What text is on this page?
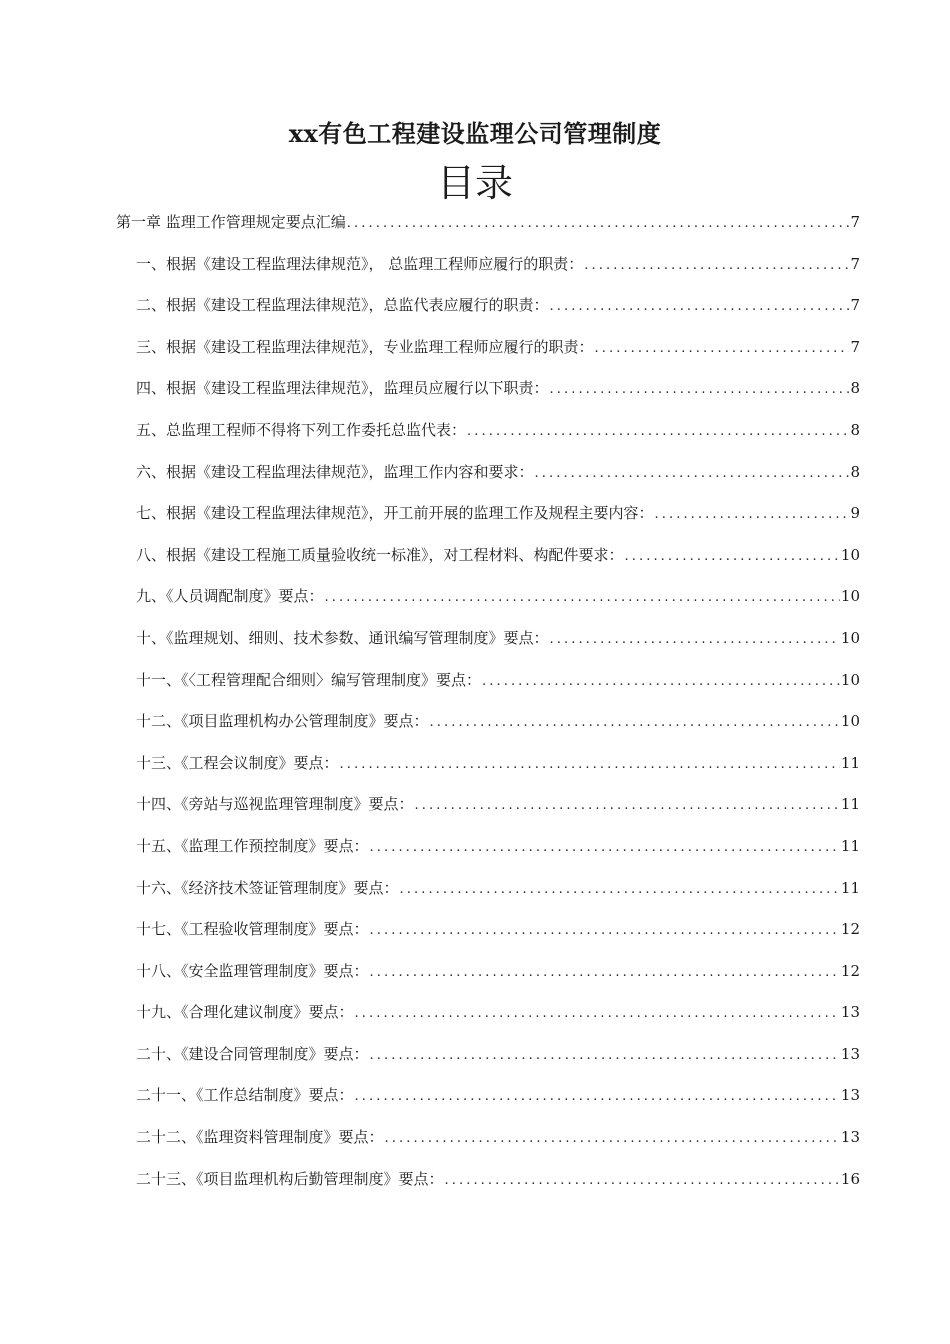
xx有色工程建设监理公司管理制度
目录
第一章 监理工作管理规定要点汇编 .....	7
一、根据《建设工程监理法律规范》， 总监理工程师应履行的职责： .....	7
二、根据《建设工程监理法律规范》，总监代表应履行的职责： .....	7
三、根据《建设工程监理法律规范》，专业监理工程师应履行的职责： .....	7
四、根据《建设工程监理法律规范》，监理员应履行以下职责： .....	8
五、总监理工程师不得将下列工作委托总监代表： .....	8
六、根据《建设工程监理法律规范》，监理工作内容和要求： .....	8
七、根据《建设工程监理法律规范》，开工前开展的监理工作及规程主要内容： .....	9
八、根据《建设工程施工质量验收统一标准》，对工程材料、构配件要求： .....	10
九、《人员调配制度》要点： .....	10
十、《监理规划、细则、技术参数、通讯编写管理制度》要点： .....	10
十一、《〈工程管理配合细则〉编写管理制度》要点： .....	10
十二、《项目监理机构办公管理制度》要点： .....	10
十三、《工程会议制度》要点： .....	11
十四、《旁站与巡视监理管理制度》要点： .....	11
十五、《监理工作预控制度》要点： .....	11
十六、《经济技术签证管理制度》要点： .....	11
十七、《工程验收管理制度》要点： .....	12
十八、《安全监理管理制度》要点： .....	12
十九、《合理化建议制度》要点： .....	13
二十、《建设合同管理制度》要点： .....	13
二十一、《工作总结制度》要点： .....	13
二十二、《监理资料管理制度》要点： .....	13
二十三、《项目监理机构后勤管理制度》要点： .....	16
